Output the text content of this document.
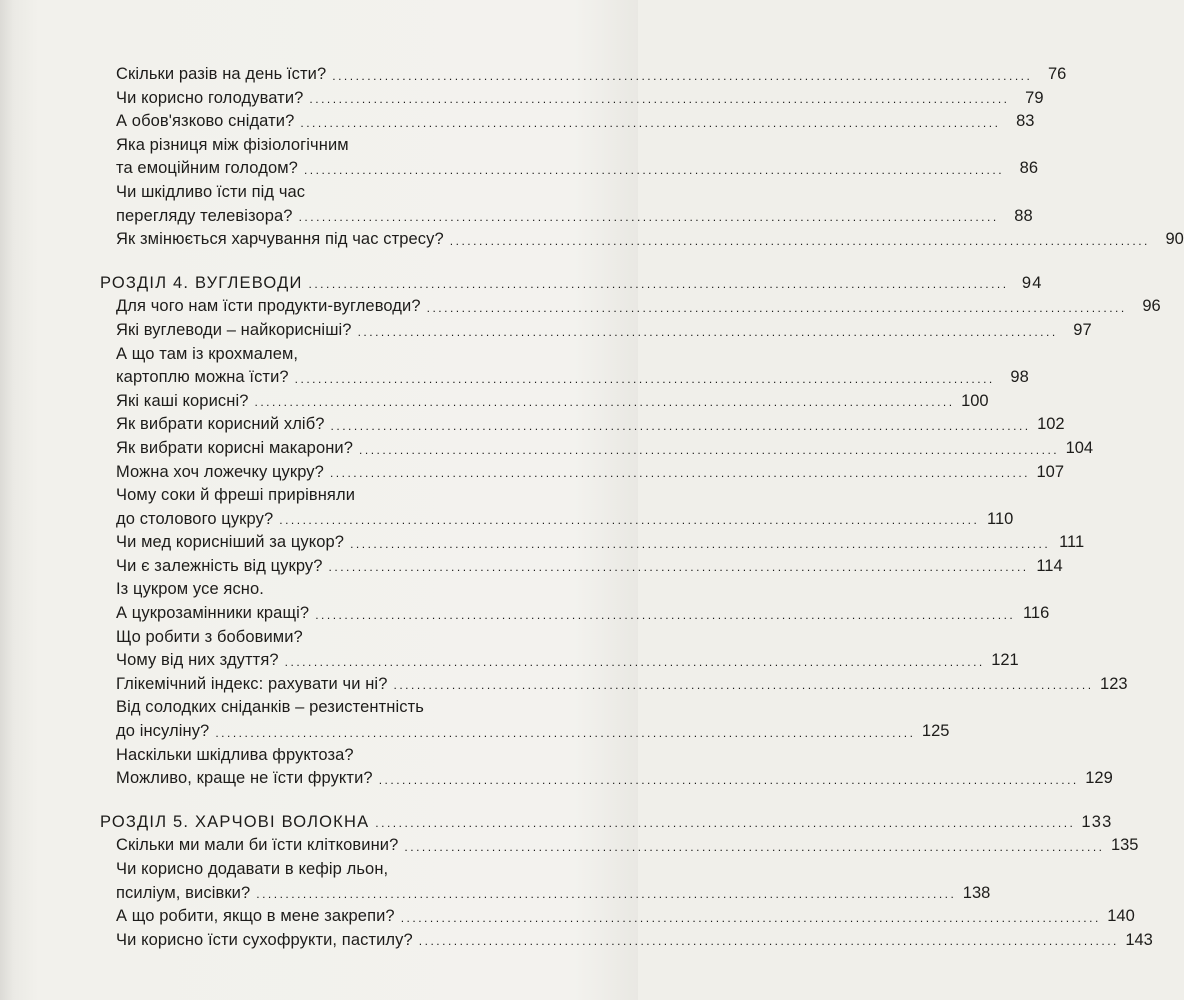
Скільки разів на день їсти? ........................................................................................................................ 76
Чи корисно голодувати? ........................................................................................................................ 79
А обов'язково снідати? ........................................................................................................................ 83
Яка різниця між фізіологічним
та емоційним голодом? ........................................................................................................................ 86
Чи шкідливо їсти під час
перегляду телевізора? ........................................................................................................................ 88
Як змінюється харчування під час стресу? ........................................................................................................................ 90
РОЗДІЛ 4. ВУГЛЕВОДИ ........................................................................................................................ 94
Для чого нам їсти продукти-вуглеводи? ........................................................................................................................ 96
Які вуглеводи – найкорисніші? ........................................................................................................................ 97
А що там із крохмалем,
картоплю можна їсти? ........................................................................................................................ 98
Які каші корисні? ........................................................................................................................ 100
Як вибрати корисний хліб? ........................................................................................................................ 102
Як вибрати корисні макарони? ........................................................................................................................ 104
Можна хоч ложечку цукру? ........................................................................................................................ 107
Чому соки й фреші прирівняли
до столового цукру? ........................................................................................................................ 110
Чи мед корисніший за цукор? ........................................................................................................................ 111
Чи є залежність від цукру? ........................................................................................................................ 114
Із цукром усе ясно.
А цукрозамінники кращі? ........................................................................................................................ 116
Що робити з бобовими?
Чому від них здуття? ........................................................................................................................ 121
Глікемічний індекс: рахувати чи ні? ........................................................................................................................ 123
Від солодких сніданків – резистентність
до інсуліну? ........................................................................................................................ 125
Наскільки шкідлива фруктоза?
Можливо, краще не їсти фрукти? ........................................................................................................................ 129
РОЗДІЛ 5. ХАРЧОВІ ВОЛОКНА ........................................................................................................................ 133
Скільки ми мали би їсти клітковини? ........................................................................................................................ 135
Чи корисно додавати в кефір льон,
псиліум, висівки? ........................................................................................................................ 138
А що робити, якщо в мене закрепи? ........................................................................................................................ 140
Чи корисно їсти сухофрукти, пастилу? ........................................................................................................................ 143
